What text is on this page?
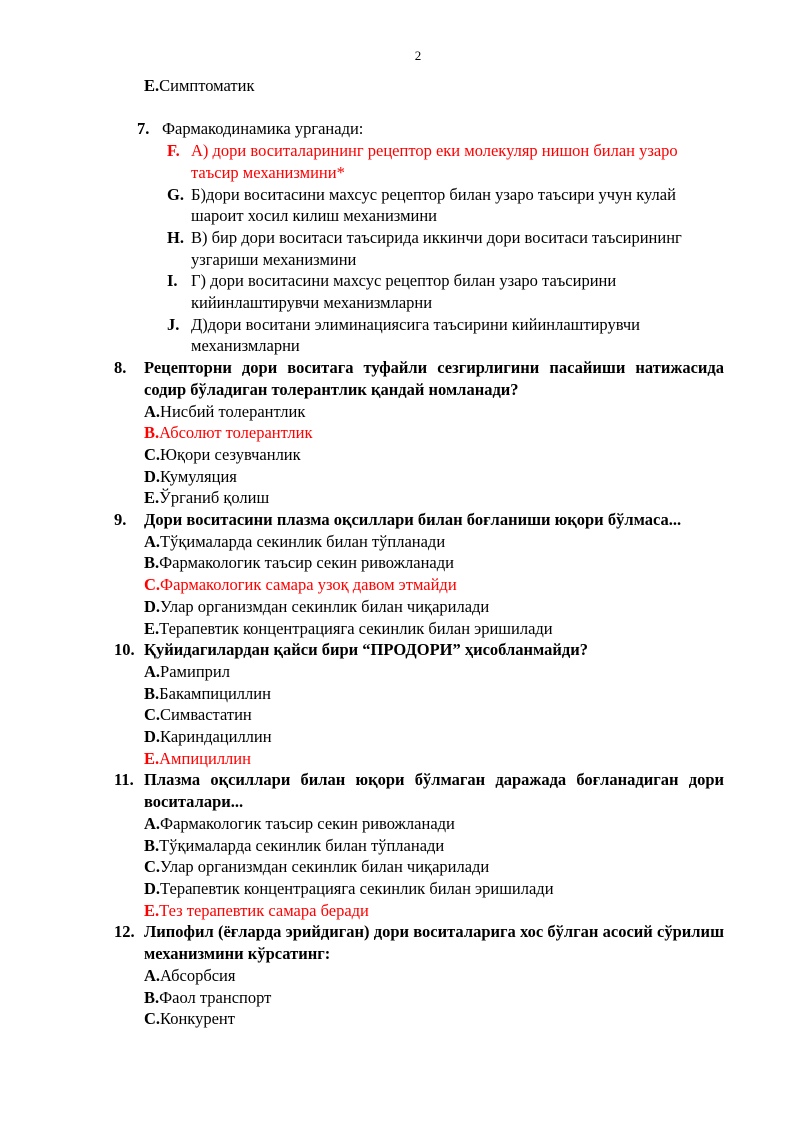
2
E.Симптоматик
7. Фармакодинамика урганади:
F. А) дори воситаларининг рецептор еки молекуляр нишон билан узаро таъсир механизмини*
G. Б)дори воситасини махсус рецептор билан узаро таъсири учун кулай шароит хосил килиш механизмини
H. В) бир дори воситаси таъсирида иккинчи дори воситаси таъсирининг узгариши механизмини
I. Г) дори воситасини махсус рецептор билан узаро таъсирини кийинлаштирувчи механизмларни
J. Д)дори воситани элиминациясига таъсирини кийинлаштирувчи механизмларни
8.	Рецепторни дори воситага туфайли сезгирлигини пасайиши натижасида содир бўладиган толерантлик қандай номланади?
A.Нисбий толерантлик
B.Абсолют толерантлик
C.Юқори сезувчанлик
D.Кумуляция
E.Ўрганиб қолиш
9.	Дори воситасини плазма оқсиллари билан боғланиши юқори бўлмаса...
A.Тўқималарда секинлик билан тўпланади
B.Фармакологик таъсир секин ривожланади
C.Фармакологик самара узоқ давом этмайди
D.Улар организмдан секинлик билан чиқарилади
E.Терапевтик концентрацияга секинлик билан эришилади
10. Қуйидагилардан қайси бири “ПРОДОРИ” ҳисобланмайди?
A.Рамиприл
B.Бакампициллин
C.Симвастатин
D.Кариндациллин
E.Ампициллин
11. Плазма оқсиллари билан юқори бўлмаган даражада боғланадиган дори воситалари...
A.Фармакологик таъсир секин ривожланади
B.Тўқималарда секинлик билан тўпланади
C.Улар организмдан секинлик билан чиқарилади
D.Терапевтик концентрацияга секинлик билан эришилади
E.Тез терапевтик самара беради
12. Липофил (ёғларда эрийдиган) дори воситаларига хос бўлган асосий сўрилиш механизмини кўрсатинг:
A.Абсорбсия
B.Фаол транспорт
C.Конкурент
